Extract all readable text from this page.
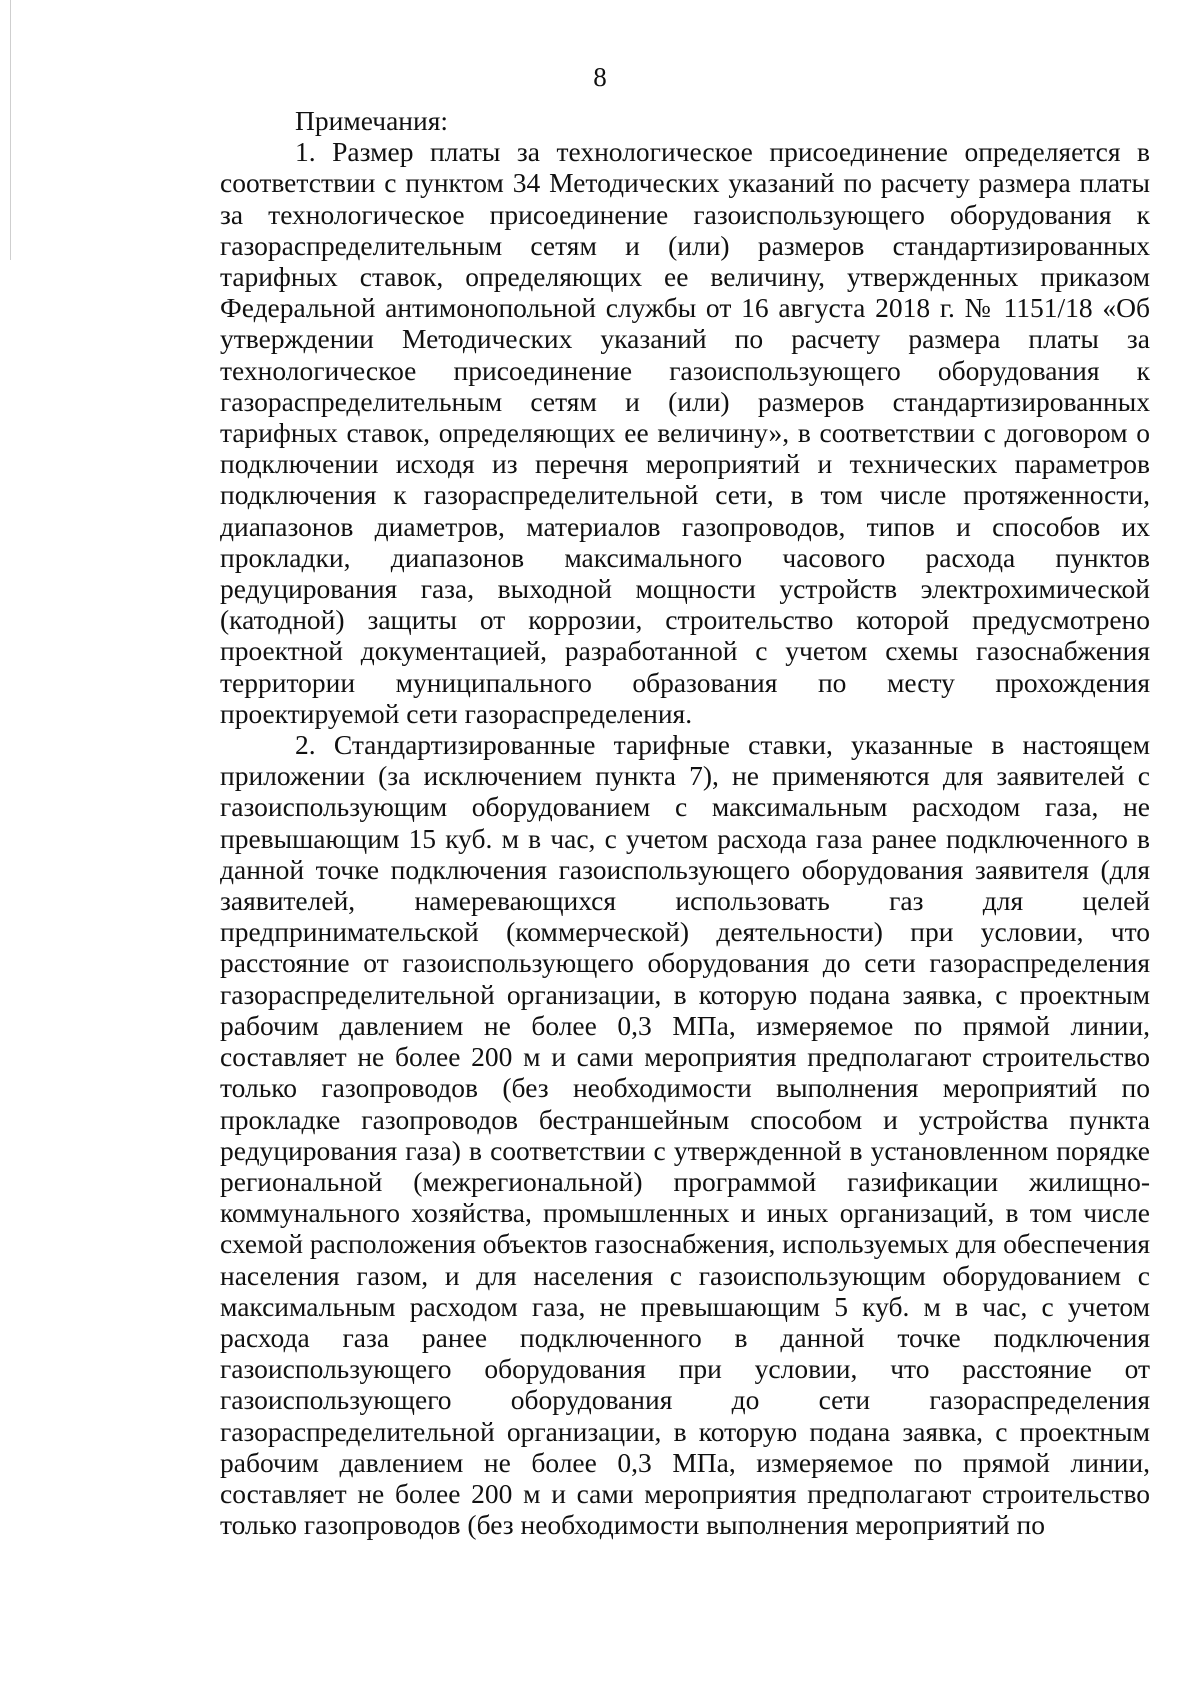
8

Примечания:

1. Размер платы за технологическое присоединение определяется в соответствии с пунктом 34 Методических указаний по расчету размера платы за технологическое присоединение газоиспользующего оборудования к газораспределительным сетям и (или) размеров стандартизированных тарифных ставок, определяющих ее величину, утвержденных приказом Федеральной антимонопольной службы от 16 августа 2018 г. № 1151/18 «Об утверждении Методических указаний по расчету размера платы за технологическое присоединение газоиспользующего оборудования к газораспределительным сетям и (или) размеров стандартизированных тарифных ставок, определяющих ее величину», в соответствии с договором о подключении исходя из перечня мероприятий и технических параметров подключения к газораспределительной сети, в том числе протяженности, диапазонов диаметров, материалов газопроводов, типов и способов их прокладки, диапазонов максимального часового расхода пунктов редуцирования газа, выходной мощности устройств электрохимической (катодной) защиты от коррозии, строительство которой предусмотрено проектной документацией, разработанной с учетом схемы газоснабжения территории муниципального образования по месту прохождения проектируемой сети газораспределения.

2. Стандартизированные тарифные ставки, указанные в настоящем приложении (за исключением пункта 7), не применяются для заявителей с газоиспользующим оборудованием с максимальным расходом газа, не превышающим 15 куб. м в час, с учетом расхода газа ранее подключенного в данной точке подключения газоиспользующего оборудования заявителя (для заявителей, намеревающихся использовать газ для целей предпринимательской (коммерческой) деятельности) при условии, что расстояние от газоиспользующего оборудования до сети газораспределения газораспределительной организации, в которую подана заявка, с проектным рабочим давлением не более 0,3 МПа, измеряемое по прямой линии, составляет не более 200 м и сами мероприятия предполагают строительство только газопроводов (без необходимости выполнения мероприятий по прокладке газопроводов бестраншейным способом и устройства пункта редуцирования газа) в соответствии с утвержденной в установленном порядке региональной (межрегиональной) программой газификации жилищно-коммунального хозяйства, промышленных и иных организаций, в том числе схемой расположения объектов газоснабжения, используемых для обеспечения населения газом, и для населения с газоиспользующим оборудованием с максимальным расходом газа, не превышающим 5 куб. м в час, с учетом расхода газа ранее подключенного в данной точке подключения газоиспользующего оборудования при условии, что расстояние от газоиспользующего оборудования до сети газораспределения газораспределительной организации, в которую подана заявка, с проектным рабочим давлением не более 0,3 МПа, измеряемое по прямой линии, составляет не более 200 м и сами мероприятия предполагают строительство только газопроводов (без необходимости выполнения мероприятий по
